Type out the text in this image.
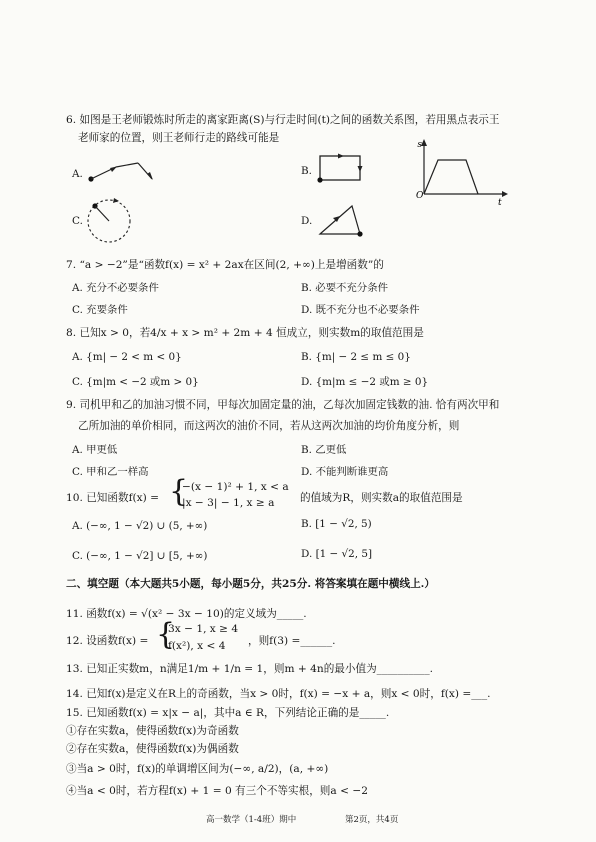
6. 如图是王老师锻炼时所走的离家距离(S)与行走时间(t)之间的函数关系图，若用黑点表示王
老师家的位置，则王老师行走的路线可能是
s
t
O
A.	B.
C.	D.
7. “a > −2”是“函数f(x) = x² + 2ax在区间(2, +∞)上是增函数”的
A. 充分不必要条件	B. 必要不充分条件
C. 充要条件	D. 既不充分也不必要条件
8. 已知x > 0，若4/x + x > m² + 2m + 4 恒成立，则实数m的取值范围是
A. {m| − 2 < m < 0}	B. {m| − 2 ≤ m ≤ 0}
C. {m|m < −2 或m > 0}	D. {m|m ≤ −2 或m ≥ 0}
9. 司机甲和乙的加油习惯不同，甲每次加固定量的油，乙每次加固定钱数的油. 恰有两次甲和
乙所加油的单价相同，而这两次的油价不同，若从这两次加油的均价角度分析，则
A. 甲更低	B. 乙更低
C. 甲和乙一样高	D. 不能判断谁更高
10. 已知函数f(x) = {
−(x − 1)² + 1, x < a
|x − 3| − 1, x ≥ a 的值域为R，则实数a的取值范围是
A. (−∞, 1 − √2) ∪ (5, +∞)	B. [1 − √2, 5)
C. (−∞, 1 − √2] ∪ [5, +∞)	D. [1 − √2, 5]
二、填空题（本大题共5小题，每小题5分，共25分. 将答案填在题中横线上.）
11. 函数f(x) = √(x² − 3x − 10)的定义域为_____.
12. 设函数f(x) = {
3x − 1, x ≥ 4
f(x²), x < 4 ，则f(3) =______.
13. 已知正实数m，n满足1/m + 1/n = 1，则m + 4n的最小值为__________.
14. 已知f(x)是定义在R上的奇函数，当x > 0时，f(x) = −x + a，则x < 0时，f(x) =___.
15. 已知函数f(x) = x|x − a|，其中a ∈ R，下列结论正确的是_____.
①存在实数a，使得函数f(x)为奇函数
②存在实数a，使得函数f(x)为偶函数
③当a > 0时，f(x)的单调增区间为(−∞, a/2)，(a, +∞)
④当a < 0时，若方程f(x) + 1 = 0 有三个不等实根，则a < −2
高一数学（1-4班）期中	第2页，共4页
